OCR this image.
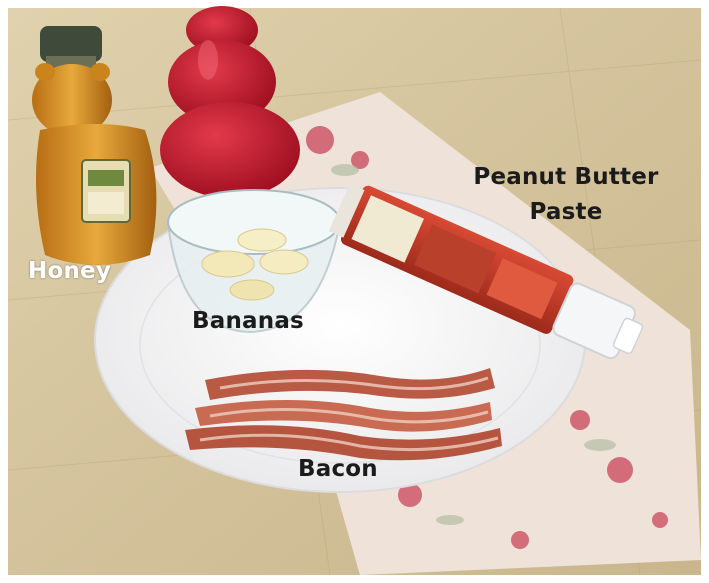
Peanut Butter
Paste
Honey
Bananas
Bacon
